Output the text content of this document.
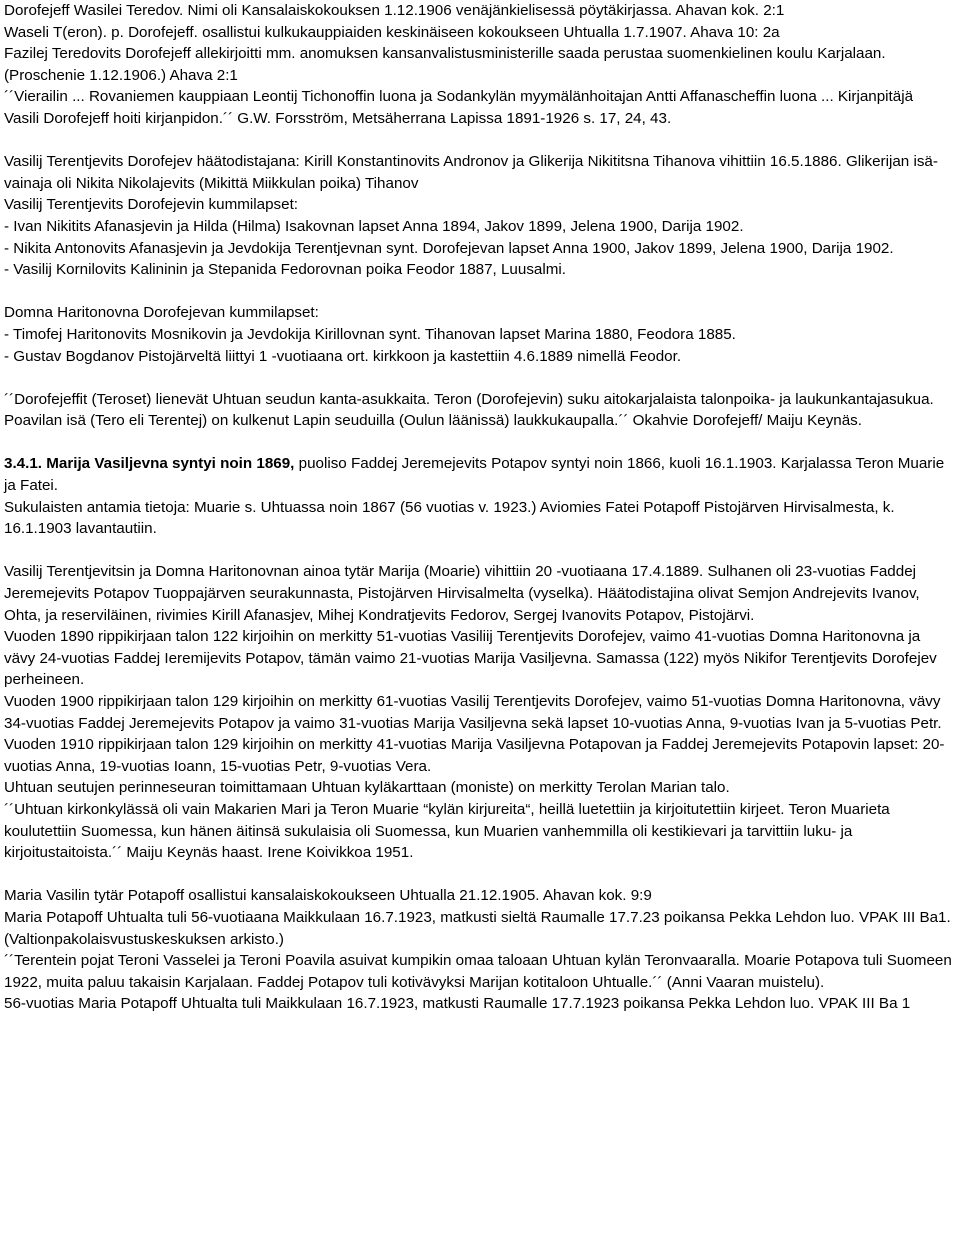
Dorofejeff Wasilei Teredov. Nimi oli Kansalaiskokouksen 1.12.1906 venäjänkielisessä pöytäkirjassa. Ahavan kok. 2:1

Waseli T(eron). p. Dorofejeff. osallistui kulkukauppiaiden keskinäiseen kokoukseen Uhtualla 1.7.1907. Ahava 10: 2a

Fazilej Teredovits Dorofejeff allekirjoitti mm. anomuksen kansanvalistusministerille saada perustaa suomenkielinen koulu Karjalaan. (Proschenie 1.12.1906.) Ahava 2:1

´´Vierailin ... Rovaniemen kauppiaan Leontij Tichonoffin luona ja Sodankylän myymälänhoitajan Antti Affanascheffin luona ... Kirjanpitäjä Vasili Dorofejeff hoiti kirjanpidon.´´ G.W. Forsström, Metsäherrana Lapissa 1891-1926 s. 17, 24, 43.

Vasilij Terentjevits Dorofejev häätodistajana: Kirill Konstantinovits Andronov ja Glikerija Nikititsna Tihanova vihittiin 16.5.1886. Glikerijan isä-vainaja oli Nikita Nikolajevits (Mikittä Miikkulan poika) Tihanov

Vasilij Terentjevits Dorofejevin kummilapset:

- Ivan Nikitits Afanasjevin ja Hilda (Hilma) Isakovnan lapset Anna 1894, Jakov 1899, Jelena 1900, Darija 1902.

- Nikita Antonovits Afanasjevin ja Jevdokija Terentjevnan synt. Dorofejevan lapset Anna 1900, Jakov 1899, Jelena 1900, Darija 1902.

- Vasilij Kornilovits Kalininin ja Stepanida Fedorovnan poika Feodor 1887, Luusalmi.

Domna Haritonovna Dorofejevan kummilapset:

- Timofej Haritonovits Mosnikovin ja Jevdokija Kirillovnan synt. Tihanovan lapset Marina 1880, Feodora 1885.

- Gustav Bogdanov Pistojärveltä liittyi 1 -vuotiaana ort. kirkkoon ja kastettiin 4.6.1889 nimellä Feodor.

´´Dorofejeffit (Teroset) lienevät Uhtuan seudun kanta-asukkaita. Teron (Dorofejevin) suku aitokarjalaista talonpoika- ja laukunkantajasukua. Poavilan isä (Tero eli Terentej) on kulkenut Lapin seuduilla (Oulun läänissä) laukkukaupalla.´´ Okahvie Dorofejeff/ Maiju Keynäs.

3.4.1. Marija Vasiljevna syntyi noin 1869, puoliso Faddej Jeremejevits Potapov syntyi noin 1866, kuoli 16.1.1903. Karjalassa Teron Muarie ja Fatei.

Sukulaisten antamia tietoja: Muarie s. Uhtuassa noin 1867 (56 vuotias v. 1923.) Aviomies Fatei Potapoff Pistojärven Hirvisalmesta, k. 16.1.1903 lavantautiin.

Vasilij Terentjevitsin ja Domna Haritonovnan ainoa tytär Marija (Moarie) vihittiin 20 -vuotiaana 17.4.1889. Sulhanen oli 23-vuotias Faddej Jeremejevits Potapov Tuoppajärven seurakunnasta, Pistojärven Hirvisalmelta (vyselka). Häätodistajina olivat Semjon Andrejevits Ivanov, Ohta, ja reserviläinen, rivimies Kirill Afanasjev, Mihej Kondratjevits Fedorov, Sergej Ivanovits Potapov, Pistojärvi.

Vuoden 1890 rippikirjaan talon 122 kirjoihin on merkitty 51-vuotias Vasiliij Terentjevits Dorofejev, vaimo 41-vuotias Domna Haritonovna ja vävy 24-vuotias Faddej Ieremijevits Potapov, tämän vaimo 21-vuotias Marija Vasiljevna. Samassa (122) myös Nikifor Terentjevits Dorofejev perheineen.

Vuoden 1900 rippikirjaan talon 129 kirjoihin on merkitty 61-vuotias Vasilij Terentjevits Dorofejev, vaimo 51-vuotias Domna Haritonovna, vävy 34-vuotias Faddej Jeremejevits Potapov ja vaimo 31-vuotias Marija Vasiljevna sekä lapset 10-vuotias Anna, 9-vuotias Ivan ja 5-vuotias Petr.

Vuoden 1910 rippikirjaan talon 129 kirjoihin on merkitty 41-vuotias Marija Vasiljevna Potapovan ja Faddej Jeremejevits Potapovin lapset: 20-vuotias Anna, 19-vuotias Ioann, 15-vuotias Petr, 9-vuotias Vera.

Uhtuan seutujen perinneseuran toimittamaan Uhtuan kyläkarttaan (moniste) on merkitty Terolan Marian talo.

´´Uhtuan kirkonkylässä oli vain Makarien Mari ja Teron Muarie “kylän kirjureita“, heillä luetettiin ja kirjoitutettiin kirjeet. Teron Muarieta koulutettiin Suomessa, kun hänen äitinsä sukulaisia oli Suomessa, kun Muarien vanhemmilla oli kestikievari ja tarvittiin luku- ja kirjoitustaitoista.´´ Maiju Keynäs haast. Irene Koivikkoa 1951.

Maria Vasilin tytär Potapoff osallistui kansalaiskokoukseen Uhtualla 21.12.1905. Ahavan kok. 9:9

Maria Potapoff Uhtualta tuli 56-vuotiaana Maikkulaan 16.7.1923, matkusti sieltä Raumalle 17.7.23 poikansa Pekka Lehdon luo. VPAK III Ba1. (Valtionpakolaisvustuskeskuksen arkisto.)

´´Terentein pojat Teroni Vasselei ja Teroni Poavila asuivat kumpikin omaa taloaan Uhtuan kylän Teronvaaralla. Moarie Potapova tuli Suomeen 1922, muita paluu takaisin Karjalaan. Faddej Potapov tuli kotivävyksi Marijan kotitaloon Uhtualle.´´ (Anni Vaaran muistelu).

56-vuotias Maria Potapoff Uhtualta tuli Maikkulaan 16.7.1923, matkusti Raumalle 17.7.1923 poikansa Pekka Lehdon luo. VPAK III Ba 1
